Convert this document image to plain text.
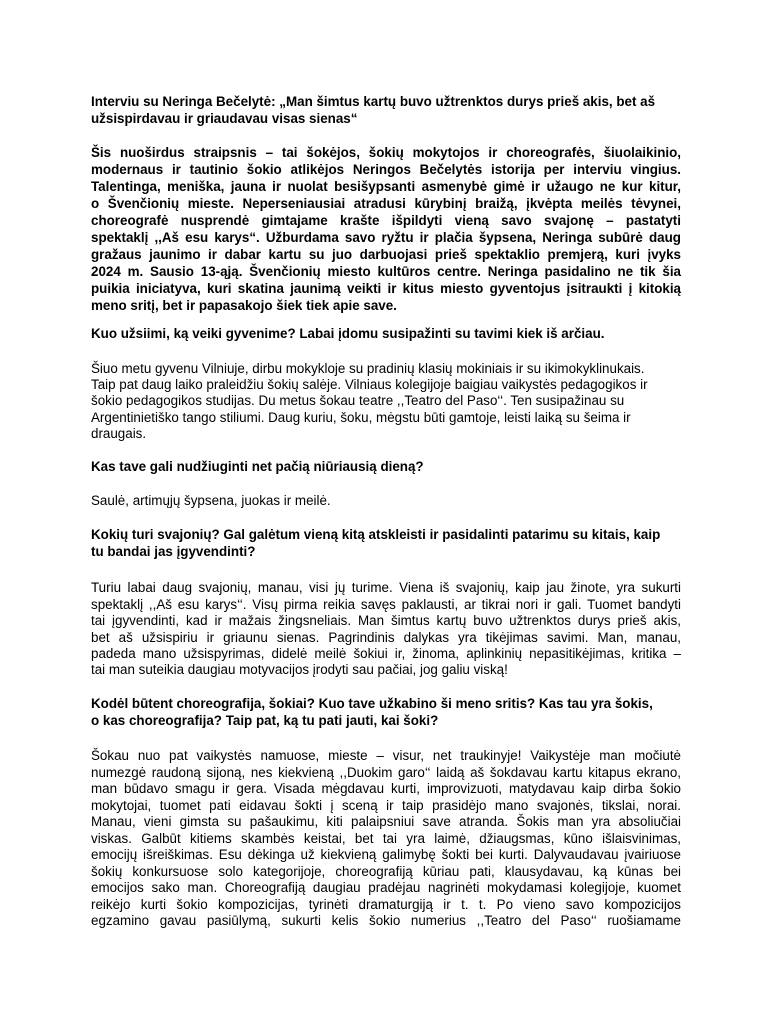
Interviu su Neringa Bečelytė: „Man šimtus kartų buvo užtrenktos durys prieš akis, bet aš
užsispirdavau ir griaudavau visas sienas“
Šis nuoširdus straipsnis – tai šokėjos, šokių mokytojos ir choreografės, šiuolaikinio,
modernaus ir tautinio šokio atlikėjos Neringos Bečelytės istorija per interviu vingius.
Talentinga, meniška, jauna ir nuolat besišypsanti asmenybė gimė ir užaugo ne kur kitur,
o Švenčionių mieste. Neperseniausiai atradusi kūrybinį braižą, įkvėpta meilės tėvynei,
choreografė nusprendė gimtajame krašte išpildyti vieną savo svajonę – pastatyti
spektaklį ,,Aš esu karys“. Užburdama savo ryžtu ir plačia šypsena, Neringa subūrė daug
gražaus jaunimo ir dabar kartu su juo darbuojasi prieš spektaklio premjerą, kuri įvyks
2024 m. Sausio 13-ąją. Švenčionių miesto kultūros centre. Neringa pasidalino ne tik šia
puikia iniciatyva, kuri skatina jaunimą veikti ir kitus miesto gyventojus įsitraukti į kitokią
meno sritį, bet ir papasakojo šiek tiek apie save.
Kuo užsiimi, ką veiki gyvenime? Labai įdomu susipažinti su tavimi kiek iš arčiau.
Šiuo metu gyvenu Vilniuje, dirbu mokykloje su pradinių klasių mokiniais ir su ikimokyklinukais.
Taip pat daug laiko praleidžiu šokių salėje. Vilniaus kolegijoje baigiau vaikystės pedagogikos ir
šokio pedagogikos studijas. Du metus šokau teatre ,,Teatro del Paso‘‘. Ten susipažinau su
Argentinietiško tango stiliumi. Daug kuriu, šoku, mėgstu būti gamtoje, leisti laiką su šeima ir
draugais.
Kas tave gali nudžiuginti net pačią niūriausią dieną?
Saulė, artimųjų šypsena, juokas ir meilė.
Kokių turi svajonių? Gal galėtum vieną kitą atskleisti ir pasidalinti patarimu su kitais, kaip
tu bandai jas įgyvendinti?
Turiu labai daug svajonių, manau, visi jų turime. Viena iš svajonių, kaip jau žinote, yra sukurti
spektaklį ,,Aš esu karys‘‘. Visų pirma reikia savęs paklausti, ar tikrai nori ir gali. Tuomet bandyti
tai įgyvendinti, kad ir mažais žingsneliais. Man šimtus kartų buvo užtrenktos durys prieš akis,
bet aš užsispiriu ir griaunu sienas. Pagrindinis dalykas yra tikėjimas savimi. Man, manau,
padeda mano užsispyrimas, didelė meilė šokiui ir, žinoma, aplinkinių nepasitikėjimas, kritika –
tai man suteikia daugiau motyvacijos įrodyti sau pačiai, jog galiu viską!
Kodėl būtent choreografija, šokiai? Kuo tave užkabino ši meno sritis? Kas tau yra šokis,
o kas choreografija? Taip pat, ką tu pati jauti, kai šoki?
Šokau nuo pat vaikystės namuose, mieste – visur, net traukinyje! Vaikystėje man močiutė
numezgė raudoną sijoną, nes kiekvieną ,,Duokim garo‘‘ laidą aš šokdavau kartu kitapus ekrano,
man būdavo smagu ir gera. Visada mėgdavau kurti, improvizuoti, matydavau kaip dirba šokio
mokytojai, tuomet pati eidavau šokti į sceną ir taip prasidėjo mano svajonės, tikslai, norai.
Manau, vieni gimsta su pašaukimu, kiti palaipsniui save atranda. Šokis man yra absoliučiai
viskas. Galbūt kitiems skambės keistai, bet tai yra laimė, džiaugsmas, kūno išlaisvinimas,
emocijų išreiškimas. Esu dėkinga už kiekvieną galimybę šokti bei kurti. Dalyvaudavau įvairiuose
šokių konkursuose solo kategorijoje, choreografiją kūriau pati, klausydavau, ką kūnas bei
emocijos sako man. Choreografiją daugiau pradėjau nagrinėti mokydamasi kolegijoje, kuomet
reikėjo kurti šokio kompozicijas, tyrinėti dramaturgiją ir t. t. Po vieno savo kompozicijos
egzamino gavau pasiūlymą, sukurti kelis šokio numerius ,,Teatro del Paso‘‘ ruošiamame
